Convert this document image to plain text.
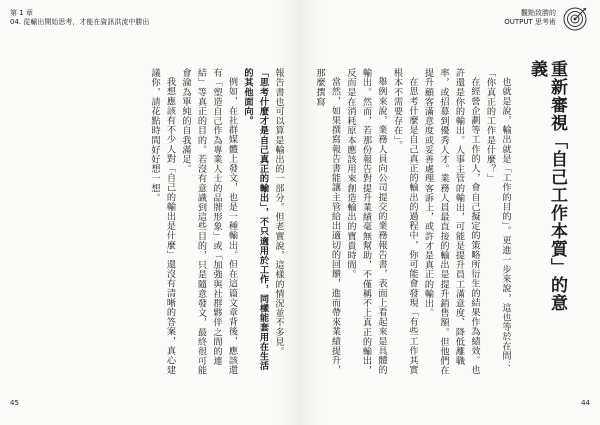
第 1 章
04. 從輸出開始思考，才能在資訊洪流中勝出

報告書也可以算是輸出的一部分。但老實說，這樣的情況並不多見。

「思考什麼才是自己真正的輸出」，不只適用於工作，同樣能套用在生活的其他面向。

例如，在社群媒體上發文，也是一種輸出。但在這篇文章背後，應該還有「塑造自己作為專業人士的品牌形象」或「加強與社群夥伴之間的連結」等真正的目的。若沒有意識到這些目的，只是隨意發文，最終很可能會淪為單純的自我滿足。

我想應該有不少人對「自己的輸出是什麼」還沒有清晰的答案，真心建議你，請花點時間好好想一想。

45
觀點致勝的
OUTPUT 思考術
重新審視「自己工作本質」的意義

也就是說，輸出就是「工作的目的」。更進一步來說，這也等於在問：「你真正的工作是什麼？」

在經營企劃等工作的人，會自己擬定的策略所衍生的結果作為績效。也許還是你的輸出。人事主管的輸出，可能是提升員工滿意度、降低離職率，或招募到優秀人才。業務人員最直接的輸出是提升銷售額。但他們在提升顧客滿意度或妥善處理客訴上，或許才是真正的輸出。

在思考什麼是自己真正的輸出的過程中，你可能會發現「有些工作其實根本不需要存在」。

舉例來說，業務人員向公司提交的業務報告書，表面上看起來是具體的輸出。然而，若那份報告對提升業績毫無幫助，不僅稱不上真正的輸出，反而是在消耗原本應該用來創造輸出的寶貴時間。

當然，如果撰寫報告書能讓主管給出適切的回饋，進而帶來業績提升，那麼撰寫

44
